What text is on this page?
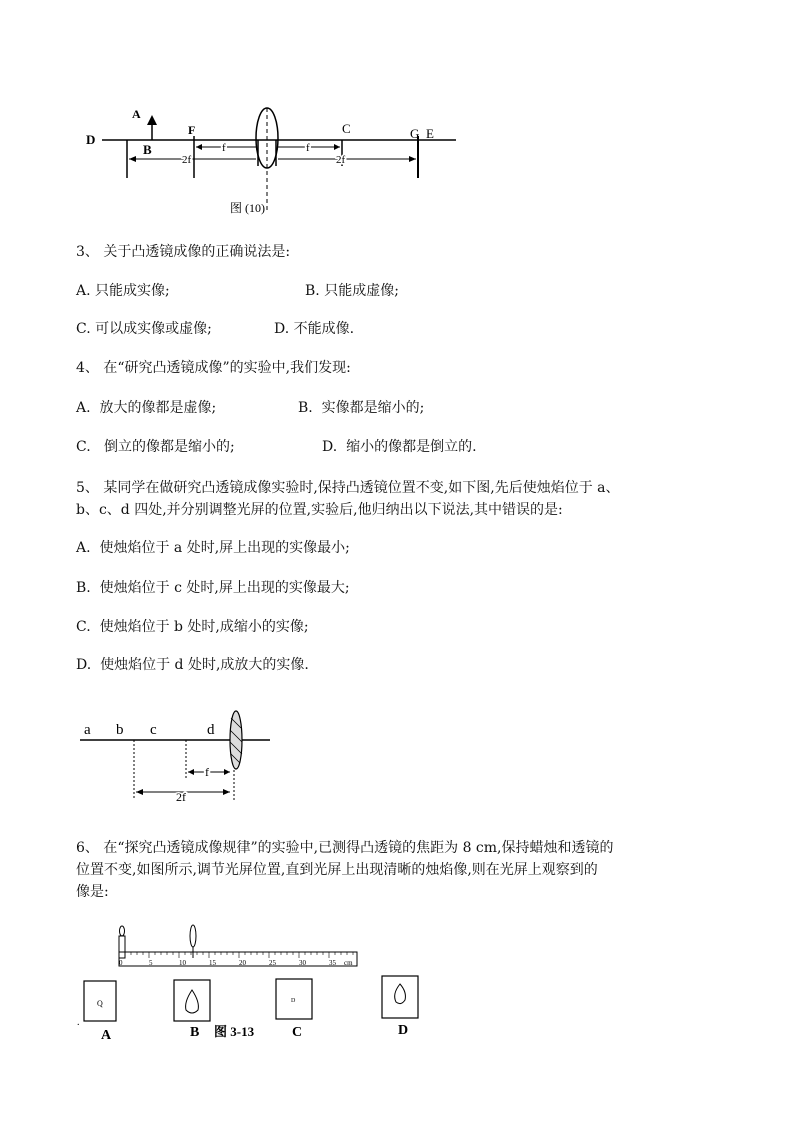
A
D
B
F	C	G E
f	f
2f	2f
图 (10)
3、 关于凸透镜成像的正确说法是:
A. 只能成实像;	B. 只能成虚像;
C. 可以成实像或虚像;	D. 不能成像.
4、 在“研究凸透镜成像”的实验中,我们发现:
A.  放大的像都是虚像;	B.  实像都是缩小的;
C.   倒立的像都是缩小的;	D.  缩小的像都是倒立的.
5、 某同学在做研究凸透镜成像实验时,保持凸透镜位置不变,如下图,先后使烛焰位于 a、
b、c、d 四处,并分别调整光屏的位置,实验后,他归纳出以下说法,其中错误的是:
A.  使烛焰位于 a 处时,屏上出现的实像最小;
B.  使烛焰位于 c 处时,屏上出现的实像最大;
C.  使烛焰位于 b 处时,成缩小的实像;
D.  使烛焰位于 d 处时,成放大的实像.
a b c	d
f
2f
6、 在“探究凸透镜成像规律”的实验中,已测得凸透镜的焦距为 8 cm,保持蜡烛和透镜的
位置不变,如图所示,调节光屏位置,直到光屏上出现清晰的烛焰像,则在光屏上观察到的
像是:
0	5	10	15	20	25	30	35 cm
Q	D
.
A	B 图 3-13	C	D
